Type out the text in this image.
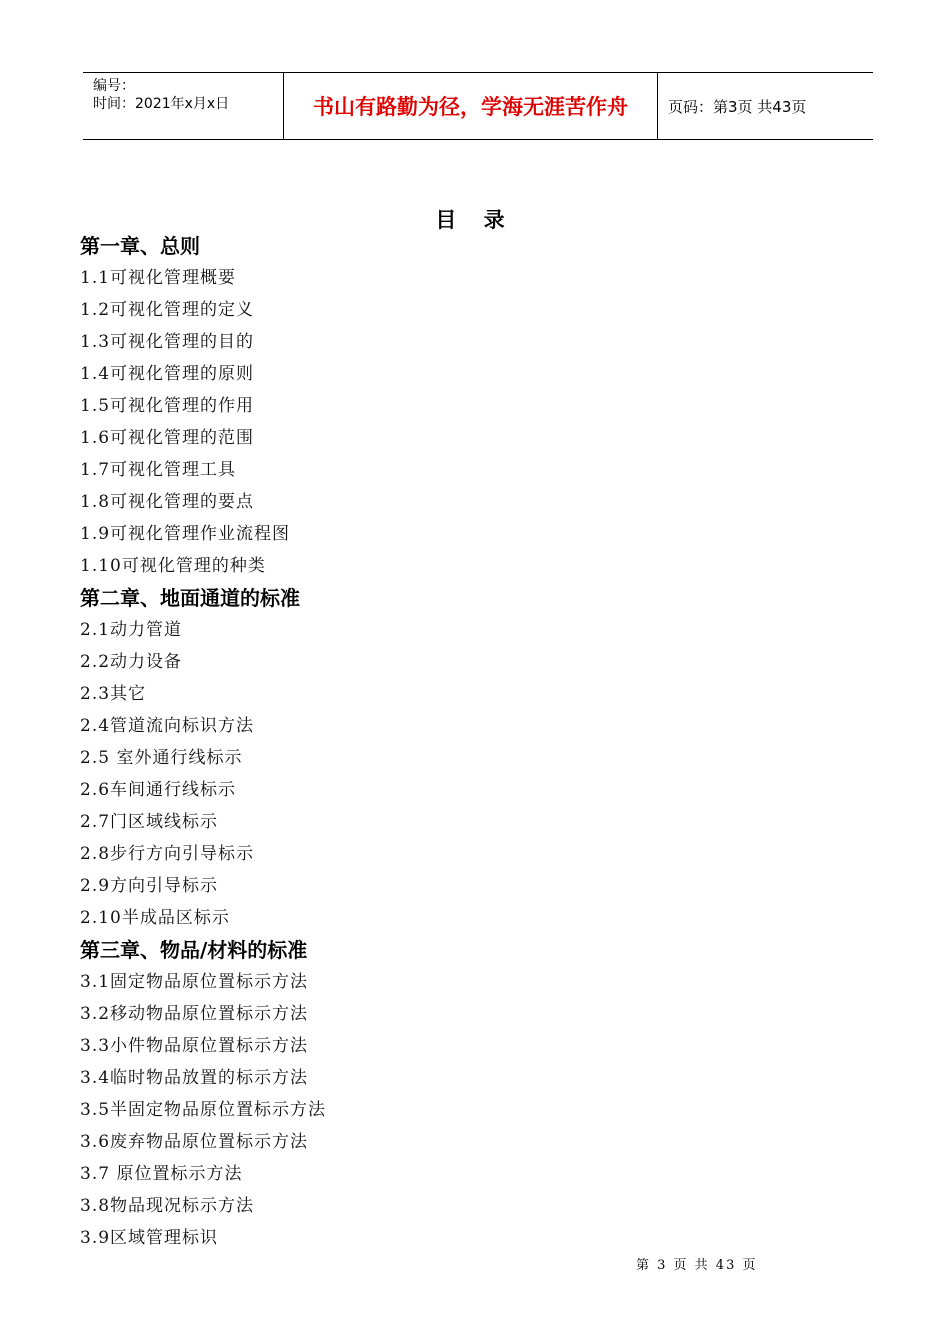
编号：
时间：2021年x月x日	书山有路勤为径，学海无涯苦作舟	页码：第3页 共43页
目 录
第一章、总则
1.1可视化管理概要
1.2可视化管理的定义
1.3可视化管理的目的
1.4可视化管理的原则
1.5可视化管理的作用
1.6可视化管理的范围
1.7可视化管理工具
1.8可视化管理的要点
1.9可视化管理作业流程图
1.10可视化管理的种类
第二章、地面通道的标准
2.1动力管道
2.2动力设备
2.3其它
2.4管道流向标识方法
2.5 室外通行线标示
2.6车间通行线标示
2.7门区域线标示
2.8步行方向引导标示
2.9方向引导标示
2.10半成品区标示
第三章、物品/材料的标准
3.1固定物品原位置标示方法
3.2移动物品原位置标示方法
3.3小件物品原位置标示方法
3.4临时物品放置的标示方法
3.5半固定物品原位置标示方法
3.6废弃物品原位置标示方法
3.7 原位置标示方法
3.8物品现况标示方法
3.9区域管理标识
第 3 页 共 43 页
